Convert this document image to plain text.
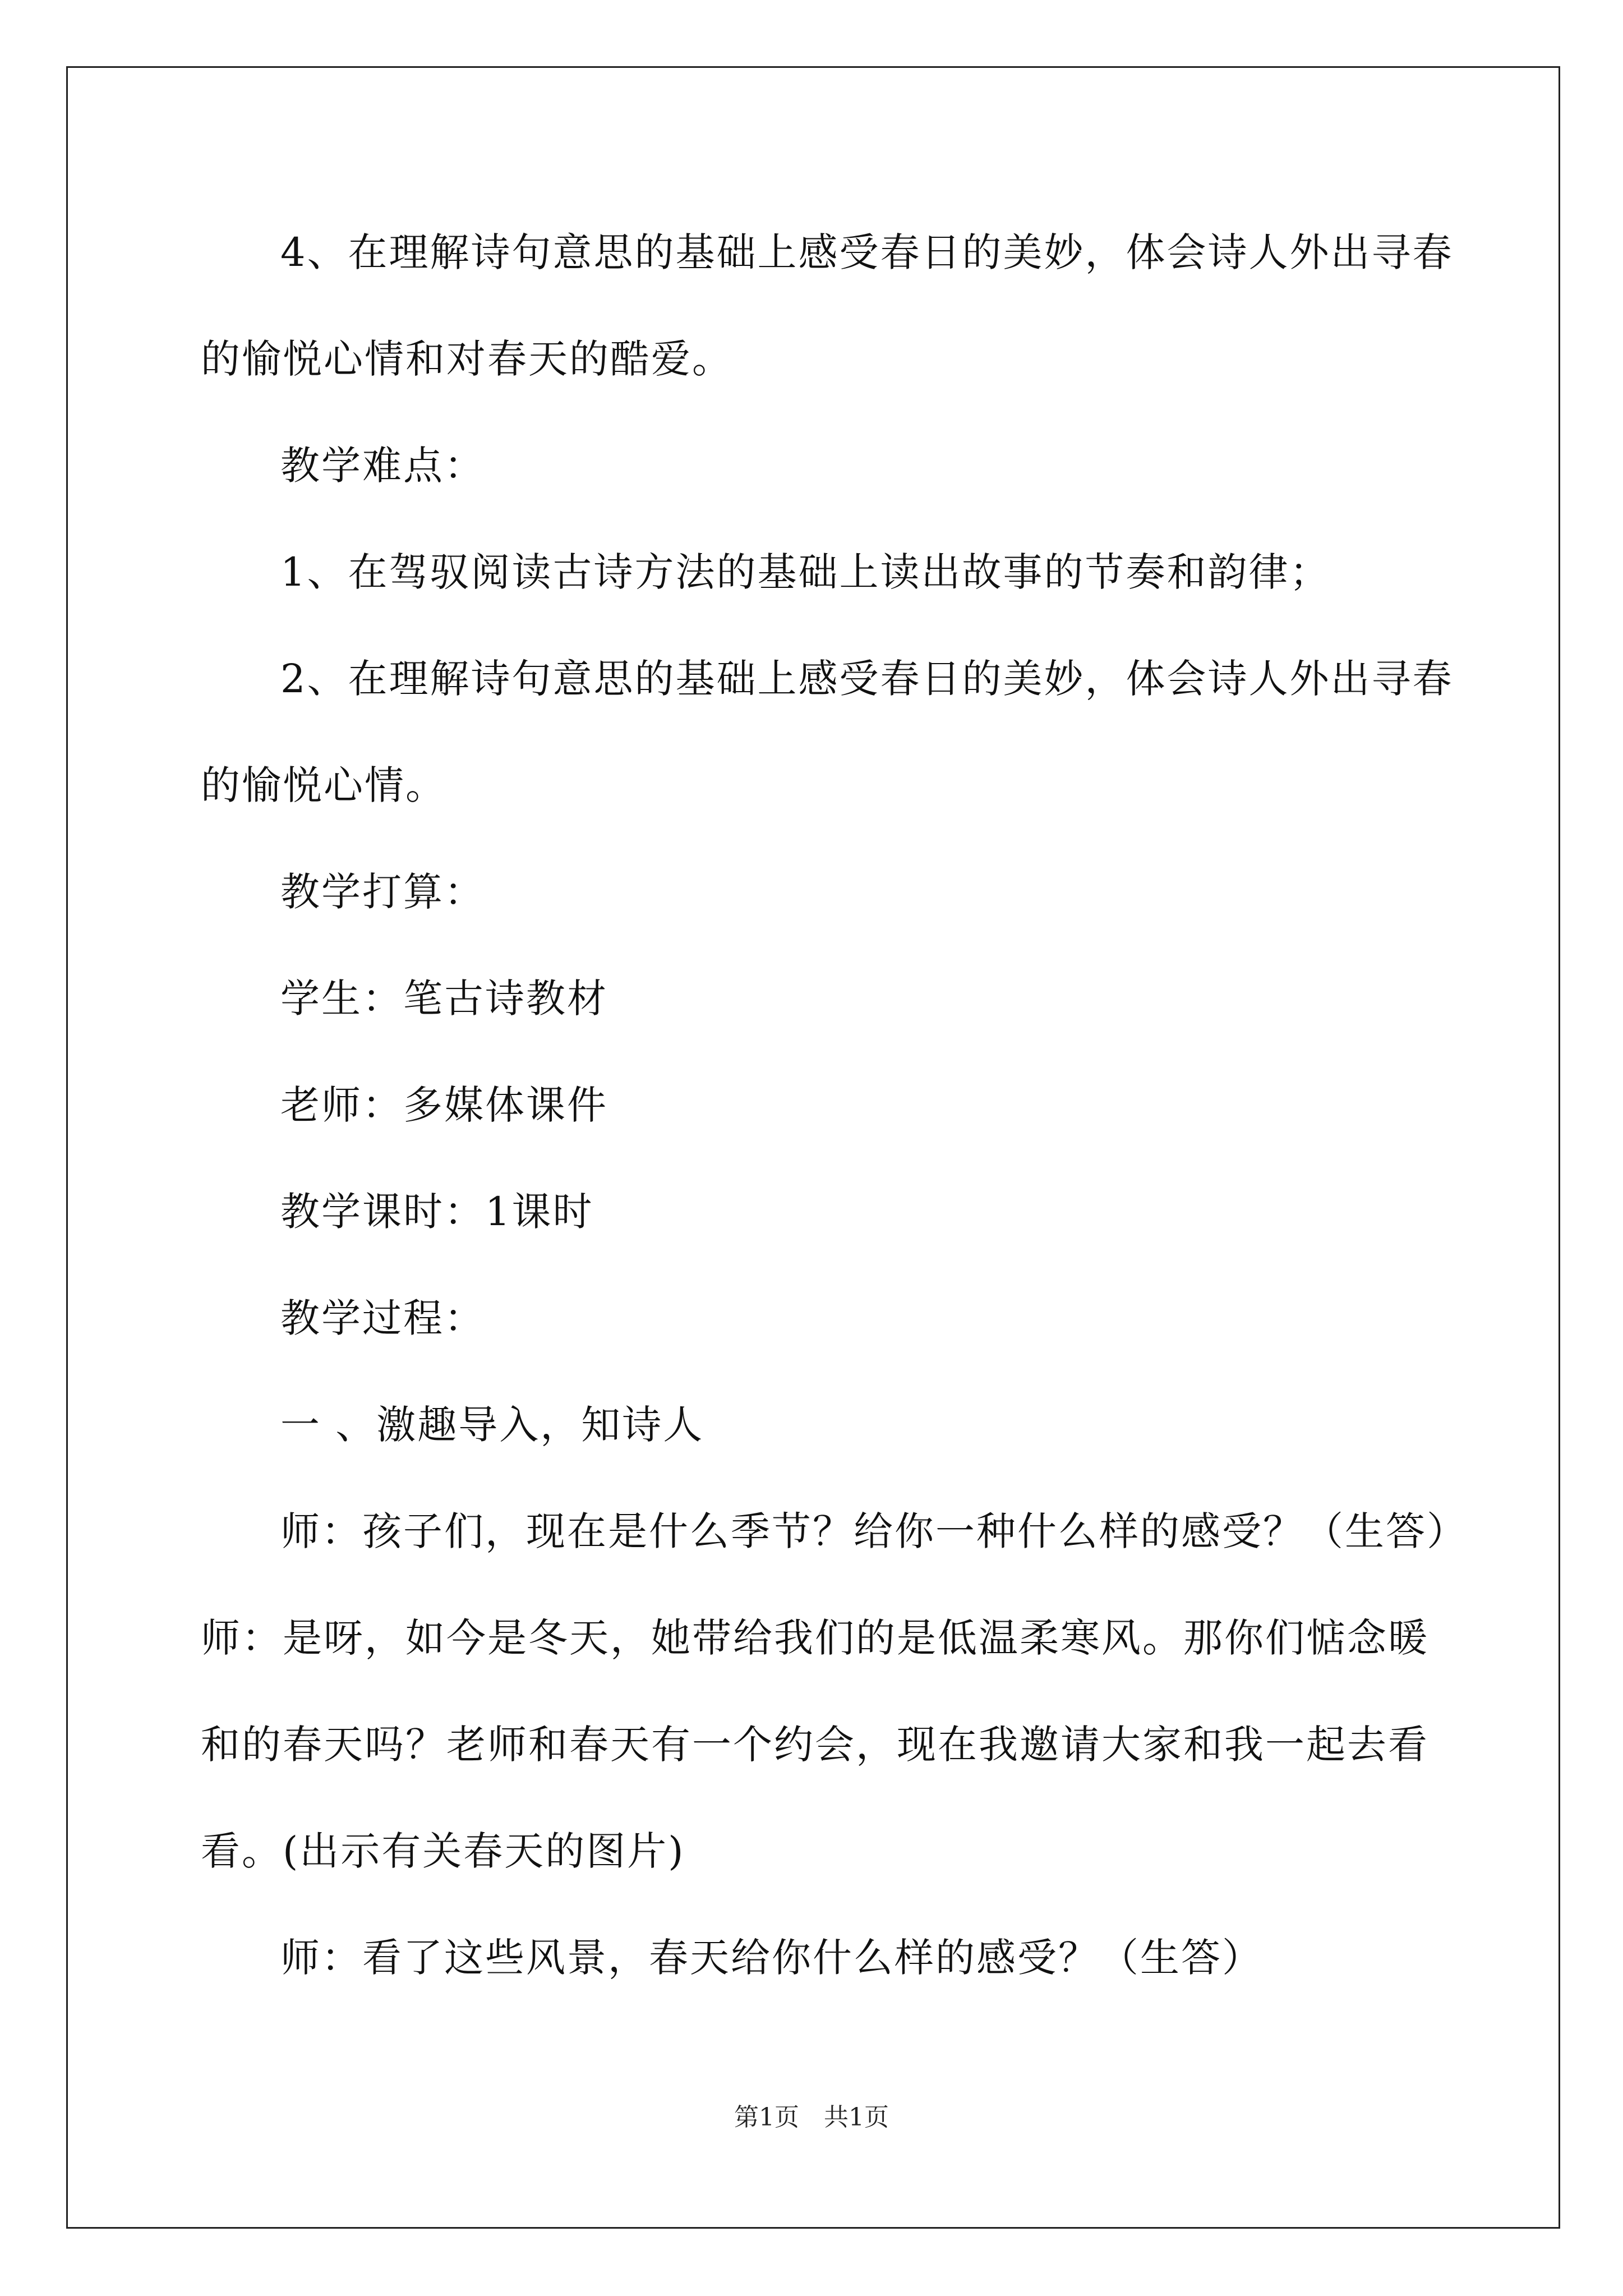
4、在理解诗句意思的基础上感受春日的美妙，体会诗人外出寻春
的愉悦心情和对春天的酷爱。
教学难点：
1、在驾驭阅读古诗方法的基础上读出故事的节奏和韵律；
2、在理解诗句意思的基础上感受春日的美妙，体会诗人外出寻春
的愉悦心情。
教学打算：
学生：笔古诗教材
老师：多媒体课件
教学课时：1课时
教学过程：
一 、激趣导入，知诗人
师：孩子们，现在是什么季节？给你一种什么样的感受？（生答）
师：是呀，如今是冬天，她带给我们的是低温柔寒风。那你们惦念暖
和的春天吗？老师和春天有一个约会，现在我邀请大家和我一起去看
看。(出示有关春天的图片)
师：看了这些风景，春天给你什么样的感受？（生答）
第1页　共1页
